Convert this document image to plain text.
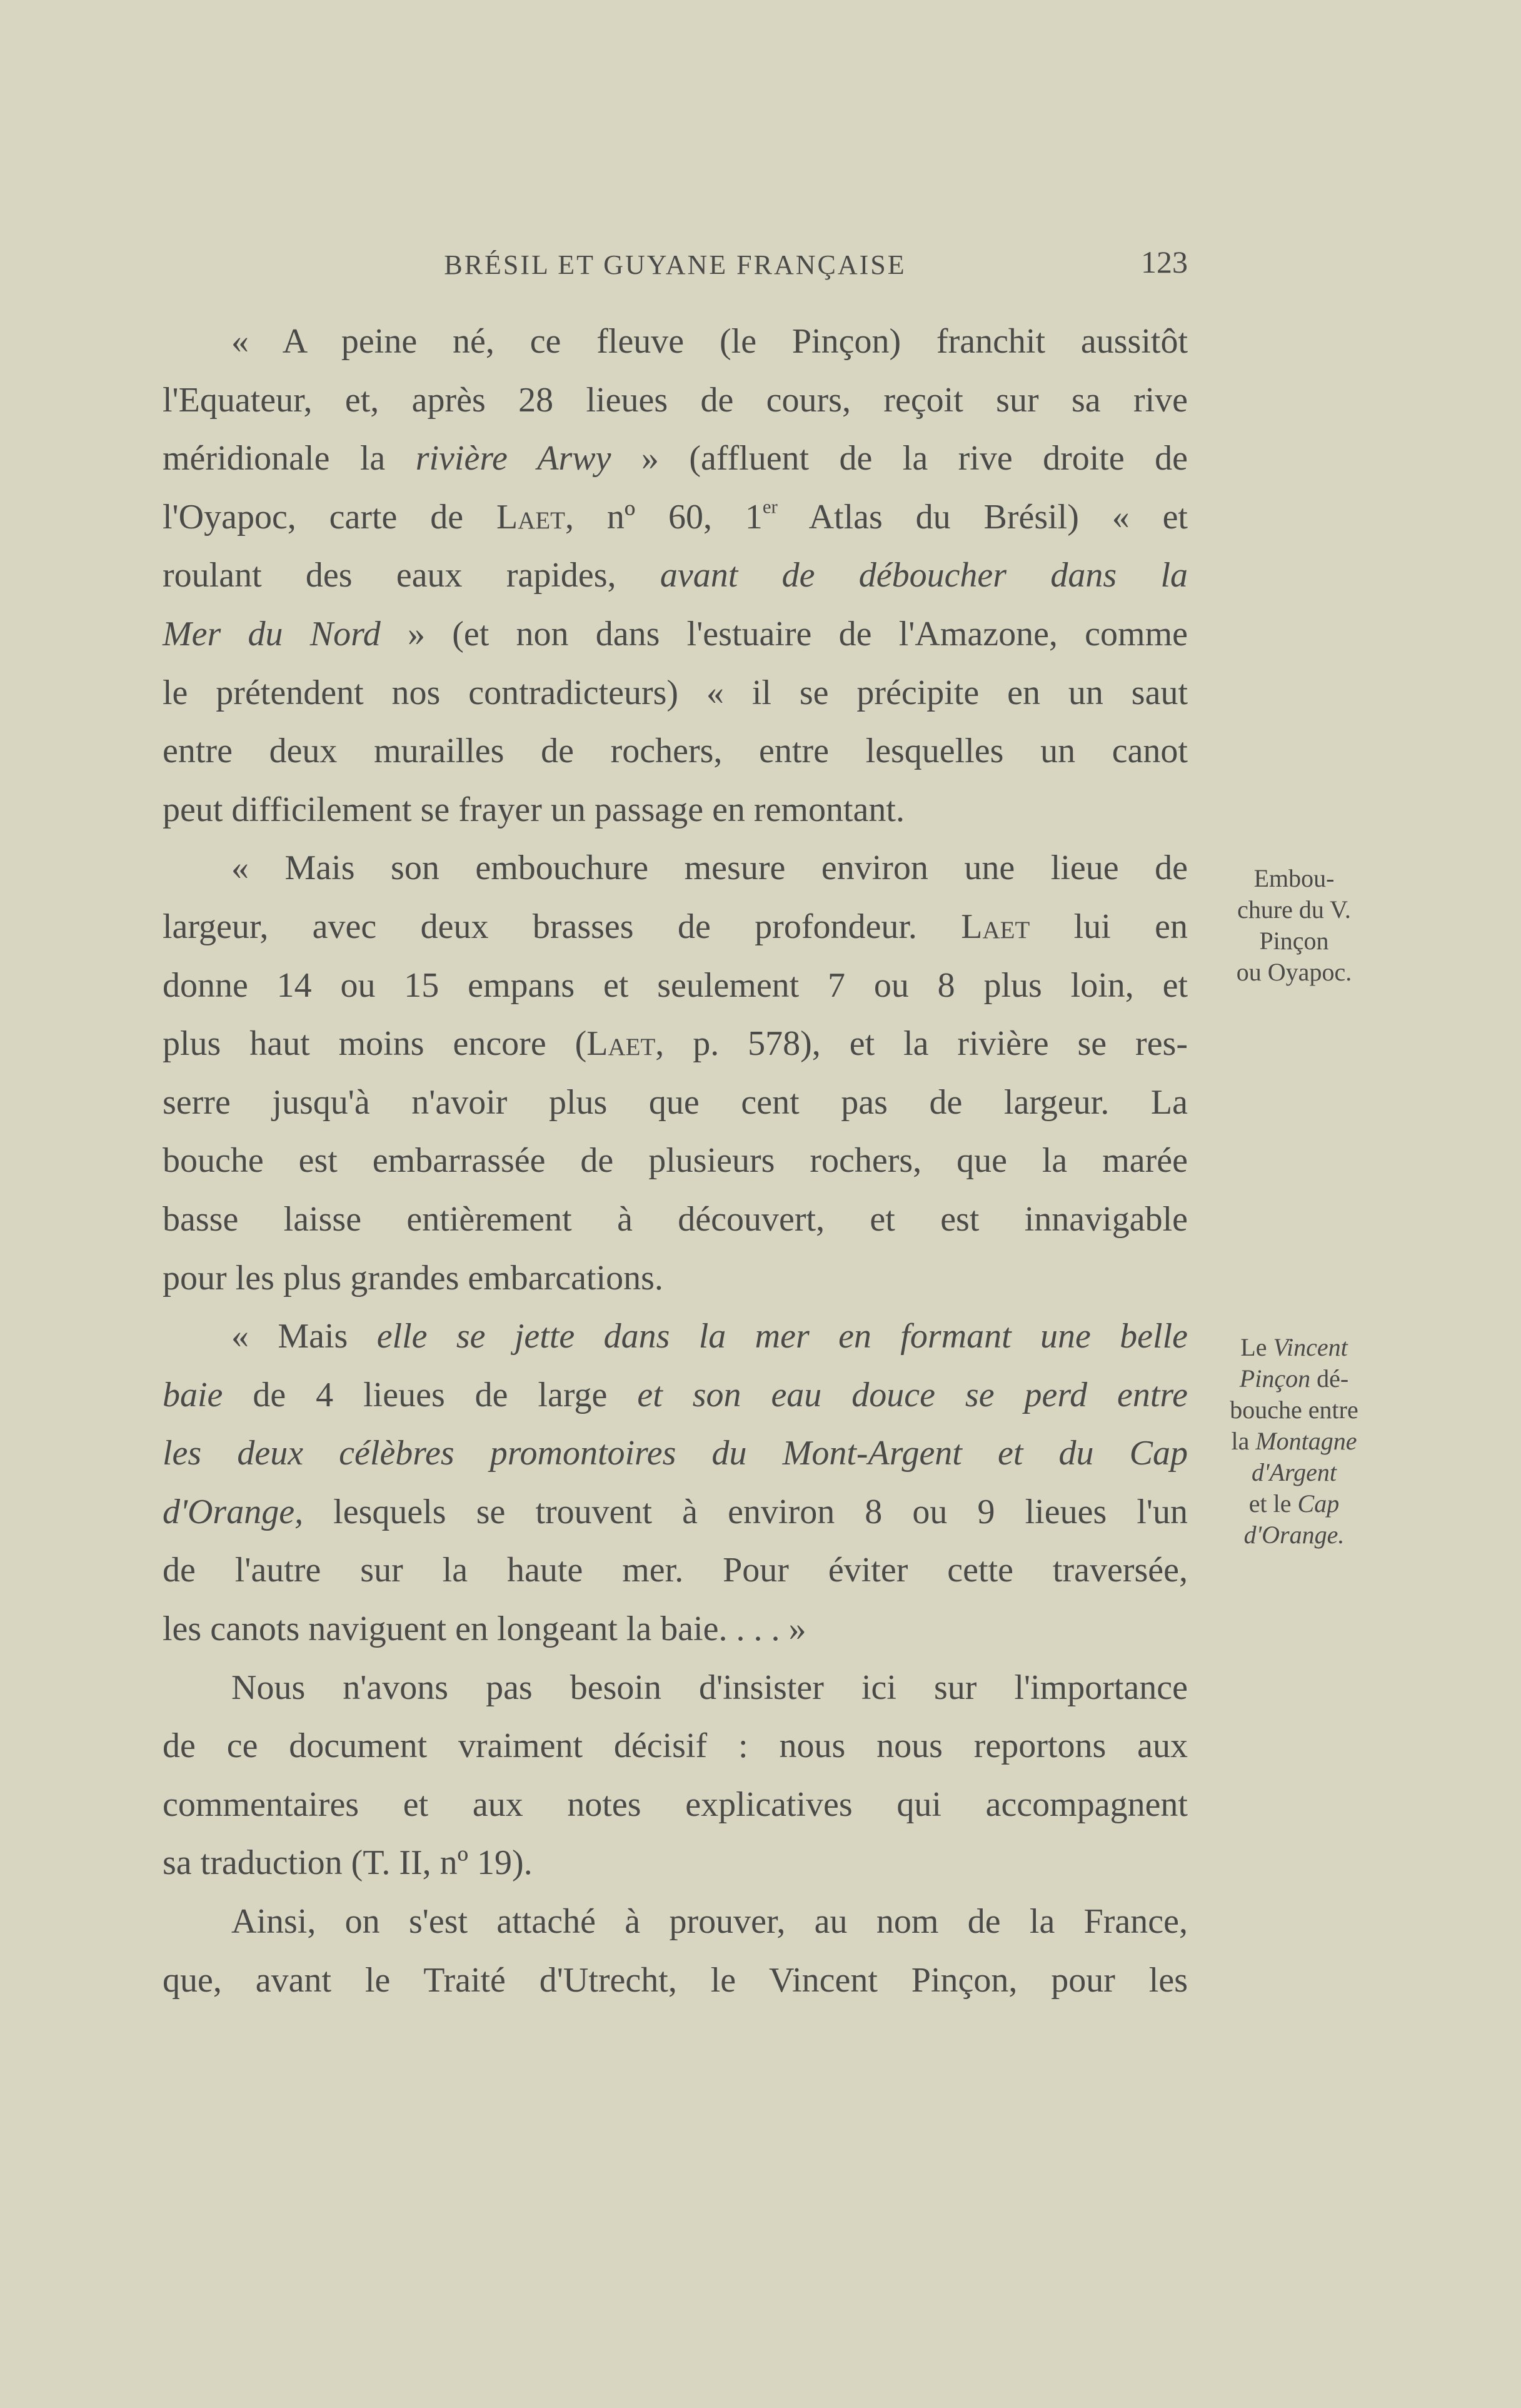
BRÉSIL ET GUYANE FRANÇAISE	123
« A peine né, ce fleuve (le Pinçon) franchit aussitôt
l'Equateur, et, après 28 lieues de cours, reçoit sur sa rive
méridionale la rivière Arwy » (affluent de la rive droite de
l'Oyapoc, carte de Laet, nº 60, 1er Atlas du Brésil) « et
roulant des eaux rapides, avant de déboucher dans la
Mer du Nord » (et non dans l'estuaire de l'Amazone, comme
le prétendent nos contradicteurs) « il se précipite en un saut
entre deux murailles de rochers, entre lesquelles un canot
peut difficilement se frayer un passage en remontant.
« Mais son embouchure mesure environ une lieue de
largeur, avec deux brasses de profondeur. Laet lui en
donne 14 ou 15 empans et seulement 7 ou 8 plus loin, et
plus haut moins encore (Laet, p. 578), et la rivière se res-
serre jusqu'à n'avoir plus que cent pas de largeur. La
bouche est embarrassée de plusieurs rochers, que la marée
basse laisse entièrement à découvert, et est innavigable
pour les plus grandes embarcations.
« Mais elle se jette dans la mer en formant une belle
baie de 4 lieues de large et son eau douce se perd entre
les deux célèbres promontoires du Mont-Argent et du Cap
d'Orange, lesquels se trouvent à environ 8 ou 9 lieues l'un
de l'autre sur la haute mer. Pour éviter cette traversée,
les canots naviguent en longeant la baie. . . . »
Nous n'avons pas besoin d'insister ici sur l'importance
de ce document vraiment décisif : nous nous reportons aux
commentaires et aux notes explicatives qui accompagnent
sa traduction (T. II, nº 19).
Ainsi, on s'est attaché à prouver, au nom de la France,
que, avant le Traité d'Utrecht, le Vincent Pinçon, pour les
Embou-
chure du V.
Pinçon
ou Oyapoc.
Le Vincent
Pinçon dé-
bouche entre
la Montagne
d'Argent
et le Cap
d'Orange.
